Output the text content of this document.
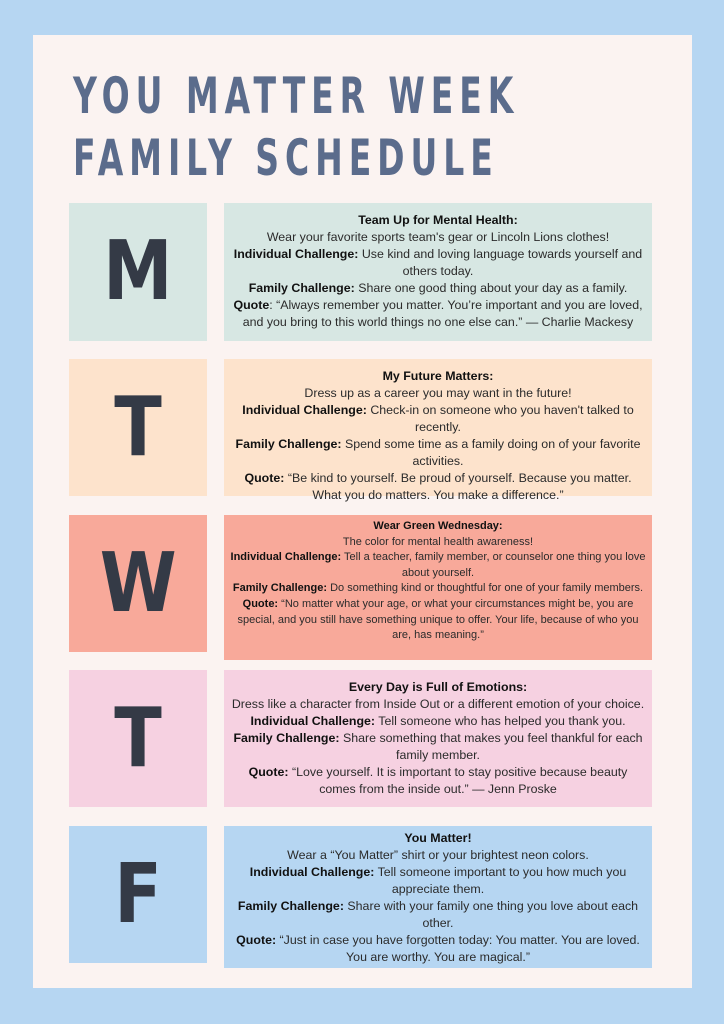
YOU MATTER WEEK
FAMILY SCHEDULE
M

Team Up for Mental Health:

Wear your favorite sports team's gear or Lincoln Lions clothes!

Individual Challenge: Use kind and loving language towards yourself and others today.

Family Challenge: Share one good thing about your day as a family.

Quote: “Always remember you matter. You’re important and you are loved, and you bring to this world things no one else can.” — Charlie Mackesy

T

My Future Matters:

Dress up as a career you may want in the future!

Individual Challenge: Check-in on someone who you haven't talked to recently.

Family Challenge: Spend some time as a family doing on of your favorite activities.

Quote: “Be kind to yourself. Be proud of yourself. Because you matter. What you do matters. You make a difference.”

W

Wear Green Wednesday:

The color for mental health awareness!

Individual Challenge: Tell a teacher, family member, or counselor one thing you love about yourself.

Family Challenge: Do something kind or thoughtful for one of your family members.

Quote: “No matter what your age, or what your circumstances might be, you are special, and you still have something unique to offer. Your life, because of who you are, has meaning.”

T

Every Day is Full of Emotions:

Dress like a character from Inside Out or a different emotion of your choice.

Individual Challenge: Tell someone who has helped you thank you.

Family Challenge: Share something that makes you feel thankful for each family member.

Quote: “Love yourself. It is important to stay positive because beauty comes from the inside out.” — Jenn Proske

F

You Matter!

Wear a “You Matter” shirt or your brightest neon colors.

Individual Challenge: Tell someone important to you how much you appreciate them.

Family Challenge: Share with your family one thing you love about each other.

Quote: “Just in case you have forgotten today: You matter. You are loved. You are worthy. You are magical.”
